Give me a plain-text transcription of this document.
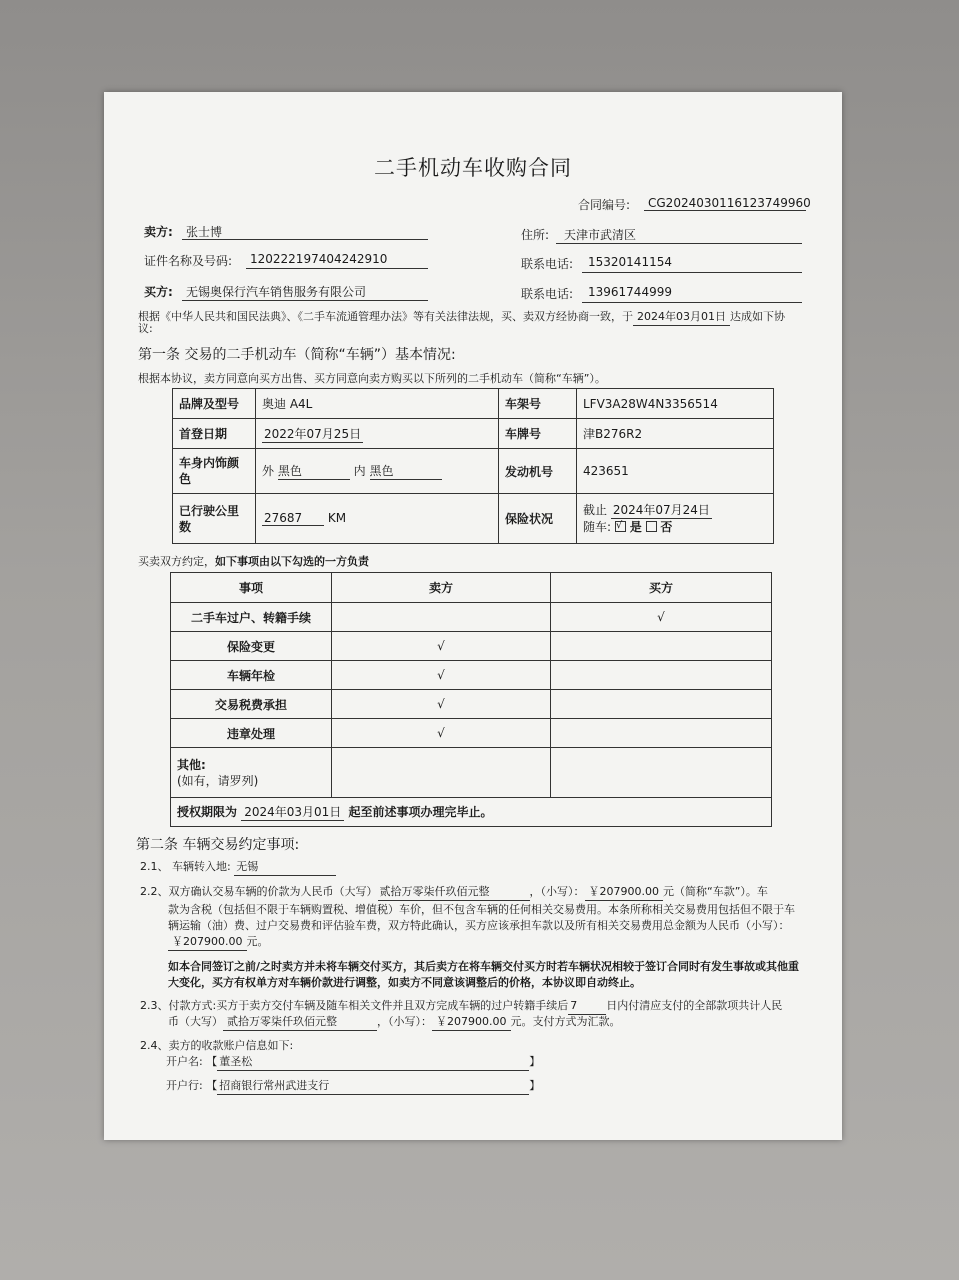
二手机动车收购合同
合同编号:	CG2024030116123749960
卖方: 张士博	住所: 天津市武清区
证件名称及号码: 120222197404242910	联系电话: 15320141154
买方: 无锡奥保行汽车销售服务有限公司	联系电话: 13961744999
根据《中华人民共和国民法典》、《二手车流通管理办法》等有关法律法规，买、卖双方经协商一致，于 2024年03月01日 达成如下协
议:
第一条 交易的二手机动车（简称“车辆”）基本情况:
根据本协议，卖方同意向买方出售、买方同意向卖方购买以下所列的二手机动车（简称“车辆”）。
品牌及型号	奥迪 A4L	车架号	LFV3A28W4N3356514
首登日期	2022年07月25日	车牌号	津B276R2
车身内饰颜色	外 黑色 内 黑色	发动机号	423651
已行驶公里数	27687 KM	保险状况	截止 2024年07月24日
随车: √ 是 否
买卖双方约定，如下事项由以下勾选的一方负责
事项	卖方	买方
二手车过户、转籍手续		√
保险变更	√	
车辆年检	√	
交易税费承担	√	
违章处理	√	

其他:
(如有，请罗列)		

授权期限为 2024年03月01日 起至前述事项办理完毕止。		
第二条 车辆交易约定事项:
2.1、 车辆转入地: 无锡
2.2、双方确认交易车辆的价款为人民币（大写） 贰拾万零柒仟玖佰元整	，（小写）： ￥207900.00 元（简称“车款”）。车
款为含税（包括但不限于车辆购置税、增值税）车价，但不包含车辆的任何相关交易费用。本条所称相关交易费用包括但不限于车
辆运输（油）费、过户交易费和评估验车费，双方特此确认，买方应该承担车款以及所有相关交易费用总金额为人民币（小写）：
￥207900.00 元。
如本合同签订之前/之时卖方并未将车辆交付买方，其后卖方在将车辆交付买方时若车辆状况相较于签订合同时有发生事故或其他重
大变化，买方有权单方对车辆价款进行调整，如卖方不同意该调整后的价格，本协议即自动终止。
2.3、付款方式:买方于卖方交付车辆及随车相关文件并且双方完成车辆的过户转籍手续后 7	日内付清应支付的全部款项共计人民
币（大写） 贰拾万零柒仟玖佰元整	，（小写）： ￥207900.00 元。支付方式为汇款。
2.4、卖方的收款账户信息如下:
开户名: 【 董圣松	】
开户行: 【 招商银行常州武进支行	】
